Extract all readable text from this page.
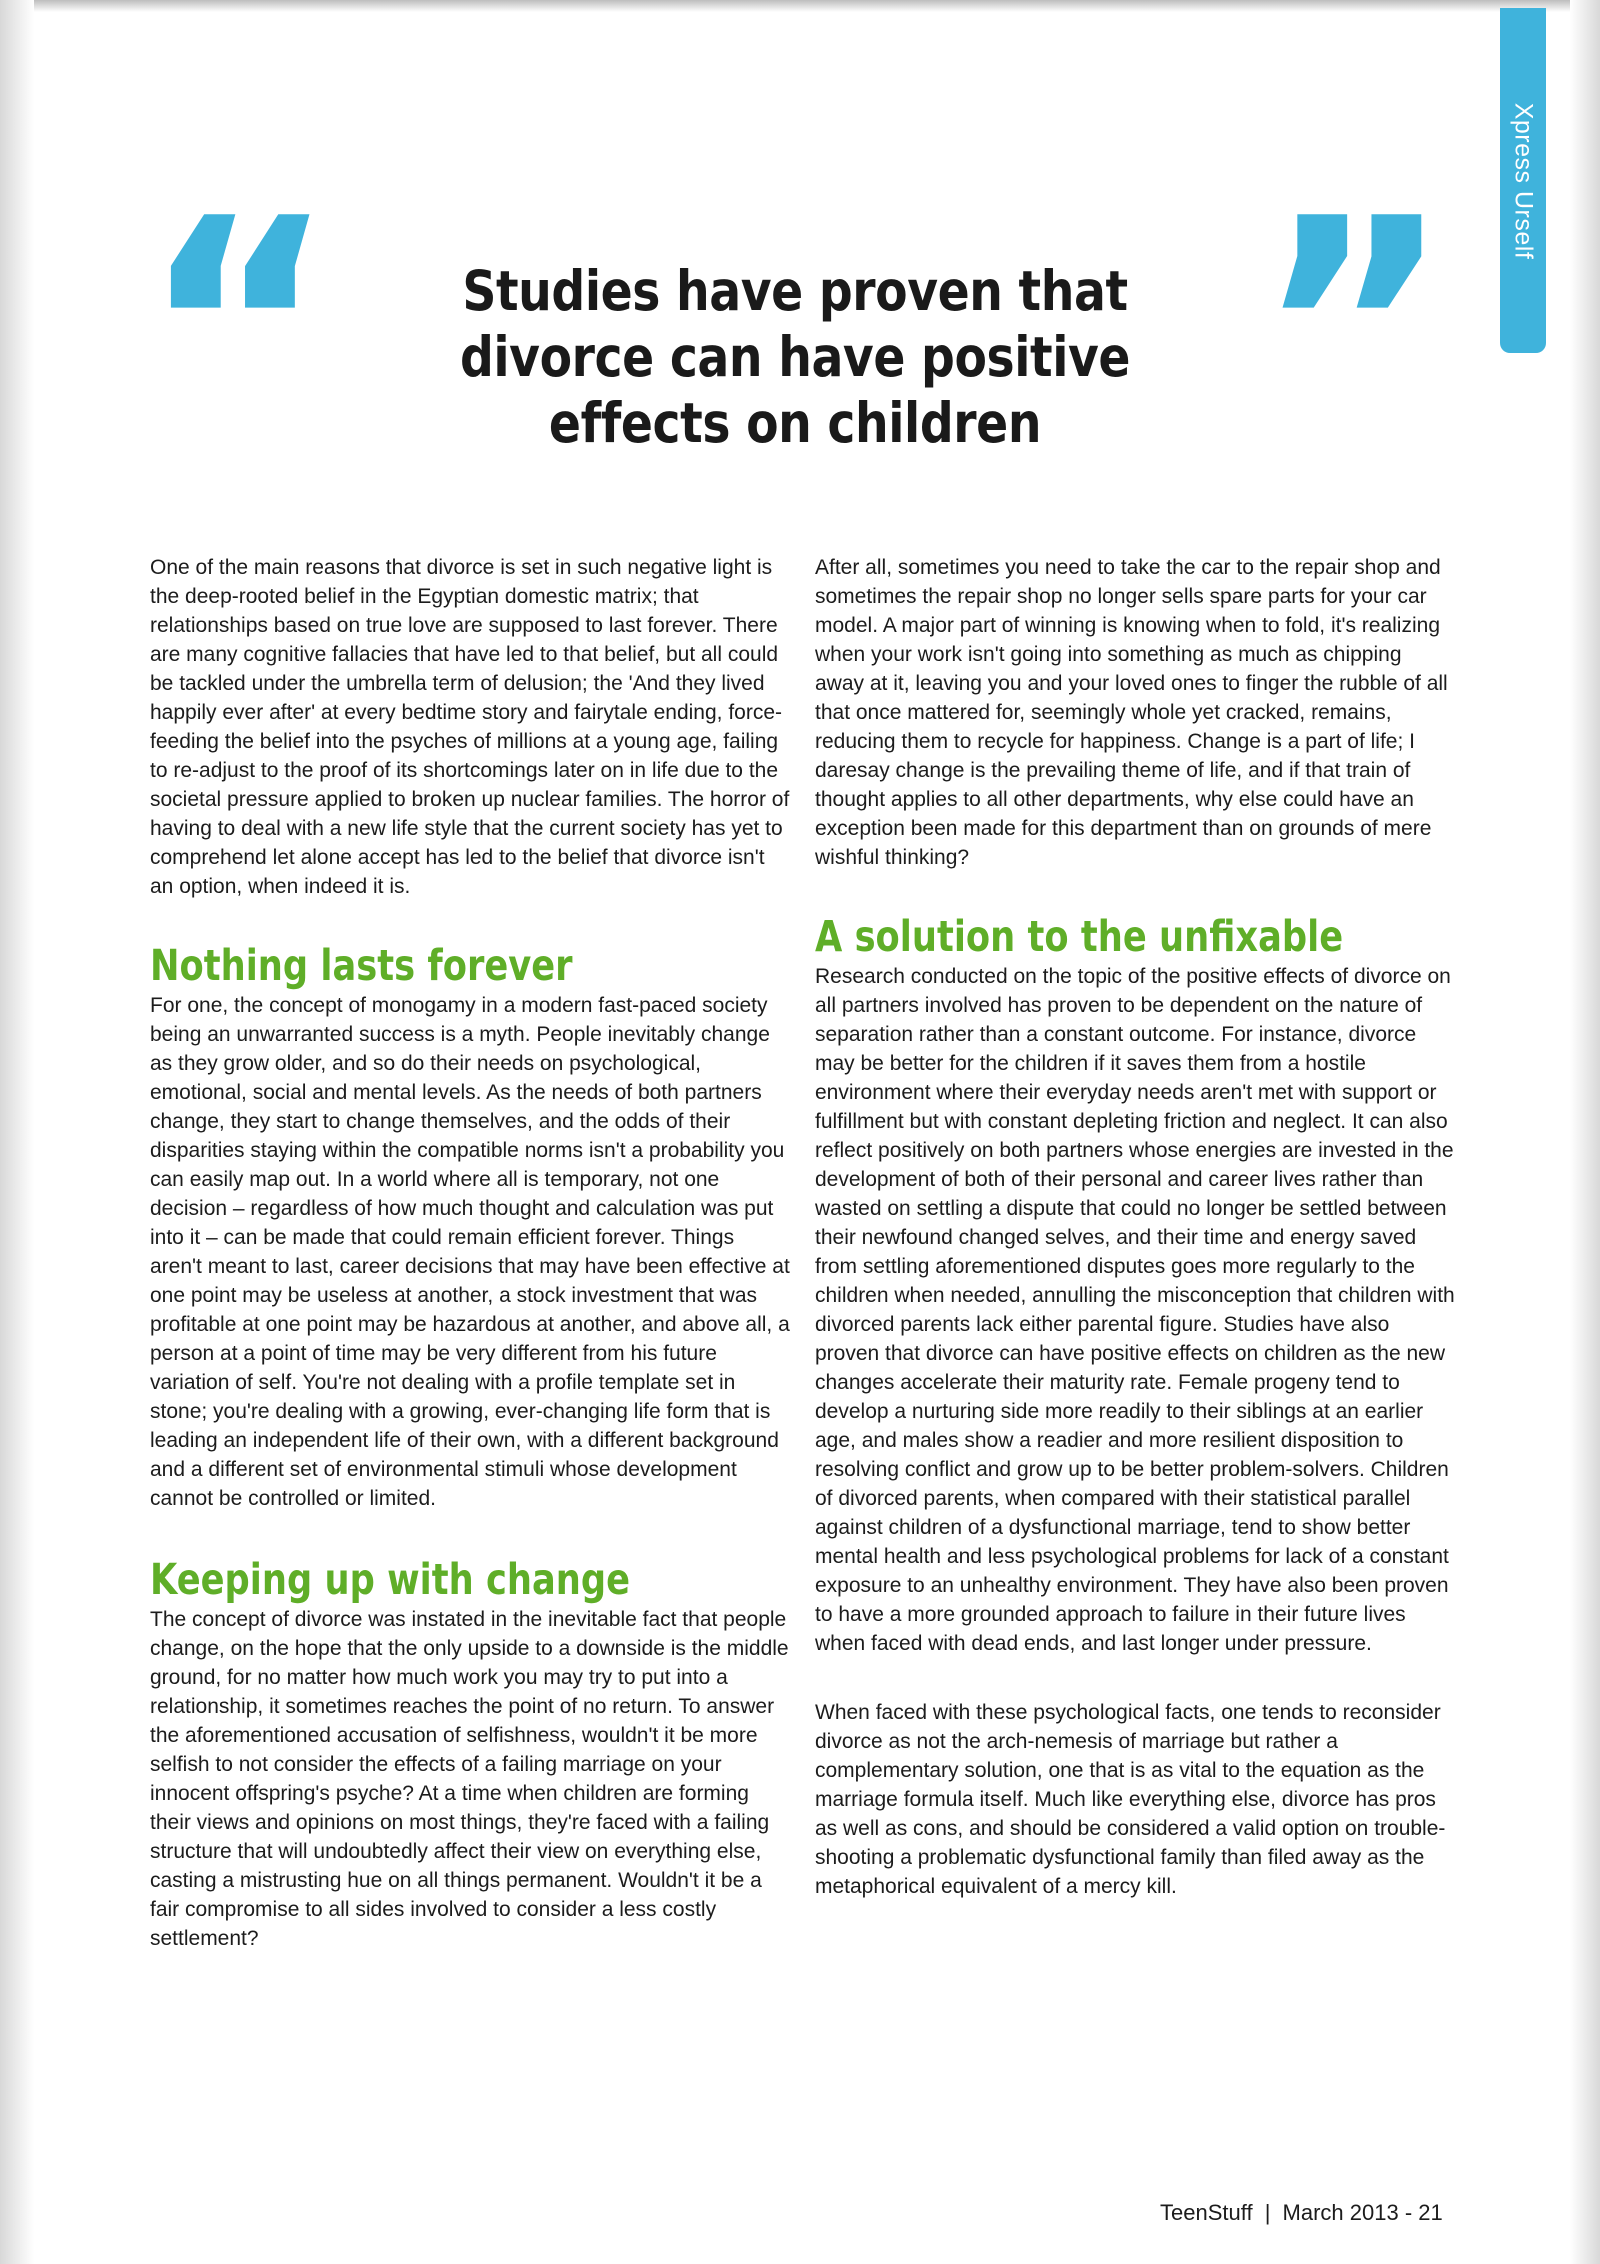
Xpress Urself
“	Studies have proven that divorce can have positive effects on children ”

One of the main reasons that divorce is set in such negative light is the deep-rooted belief in the Egyptian domestic matrix; that relationships based on true love are supposed to last forever. There are many cognitive fallacies that have led to that belief, but all could be tackled under the umbrella term of delusion; the 'And they lived happily ever after' at every bedtime story and fairytale ending, force-feeding the belief into the psyches of millions at a young age, failing to re-adjust to the proof of its shortcomings later on in life due to the societal pressure applied to broken up nuclear families. The horror of having to deal with a new life style that the current society has yet to comprehend let alone accept has led to the belief that divorce isn't an option, when indeed it is.

Nothing lasts forever

For one, the concept of monogamy in a modern fast-paced society being an unwarranted success is a myth. People inevitably change as they grow older, and so do their needs on psychological, emotional, social and mental levels. As the needs of both partners change, they start to change themselves, and the odds of their disparities staying within the compatible norms isn't a probability you can easily map out. In a world where all is temporary, not one decision – regardless of how much thought and calculation was put into it – can be made that could remain efficient forever. Things aren't meant to last, career decisions that may have been effective at one point may be useless at another, a stock investment that was profitable at one point may be hazardous at another, and above all, a person at a point of time may be very different from his future variation of self. You're not dealing with a profile template set in stone; you're dealing with a growing, ever-changing life form that is leading an independent life of their own, with a different background and a different set of environmental stimuli whose development cannot be controlled or limited.

Keeping up with change

The concept of divorce was instated in the inevitable fact that people change, on the hope that the only upside to a downside is the middle ground, for no matter how much work you may try to put into a relationship, it sometimes reaches the point of no return. To answer the aforementioned accusation of selfishness, wouldn't it be more selfish to not consider the effects of a failing marriage on your innocent offspring's psyche? At a time when children are forming their views and opinions on most things, they're faced with a failing structure that will undoubtedly affect their view on everything else, casting a mistrusting hue on all things permanent. Wouldn't it be a fair compromise to all sides involved to consider a less costly settlement?

After all, sometimes you need to take the car to the repair shop and sometimes the repair shop no longer sells spare parts for your car model. A major part of winning is knowing when to fold, it's realizing when your work isn't going into something as much as chipping away at it, leaving you and your loved ones to finger the rubble of all that once mattered for, seemingly whole yet cracked, remains, reducing them to recycle for happiness. Change is a part of life; I daresay change is the prevailing theme of life, and if that train of thought applies to all other departments, why else could have an exception been made for this department than on grounds of mere wishful thinking?

A solution to the unfixable

Research conducted on the topic of the positive effects of divorce on all partners involved has proven to be dependent on the nature of separation rather than a constant outcome. For instance, divorce may be better for the children if it saves them from a hostile environment where their everyday needs aren't met with support or fulfillment but with constant depleting friction and neglect. It can also reflect positively on both partners whose energies are invested in the development of both of their personal and career lives rather than wasted on settling a dispute that could no longer be settled between their newfound changed selves, and their time and energy saved from settling aforementioned disputes goes more regularly to the children when needed, annulling the misconception that children with divorced parents lack either parental figure. Studies have also proven that divorce can have positive effects on children as the new changes accelerate their maturity rate. Female progeny tend to develop a nurturing side more readily to their siblings at an earlier age, and males show a readier and more resilient disposition to resolving conflict and grow up to be better problem-solvers. Children of divorced parents, when compared with their statistical parallel against children of a dysfunctional marriage, tend to show better mental health and less psychological problems for lack of a constant exposure to an unhealthy environment. They have also been proven to have a more grounded approach to failure in their future lives when faced with dead ends, and last longer under pressure.

When faced with these psychological facts, one tends to reconsider divorce as not the arch-nemesis of marriage but rather a complementary solution, one that is as vital to the equation as the marriage formula itself. Much like everything else, divorce has pros as well as cons, and should be considered a valid option on trouble-shooting a problematic dysfunctional family than filed away as the metaphorical equivalent of a mercy kill.

TeenStuff | March 2013 - 21
